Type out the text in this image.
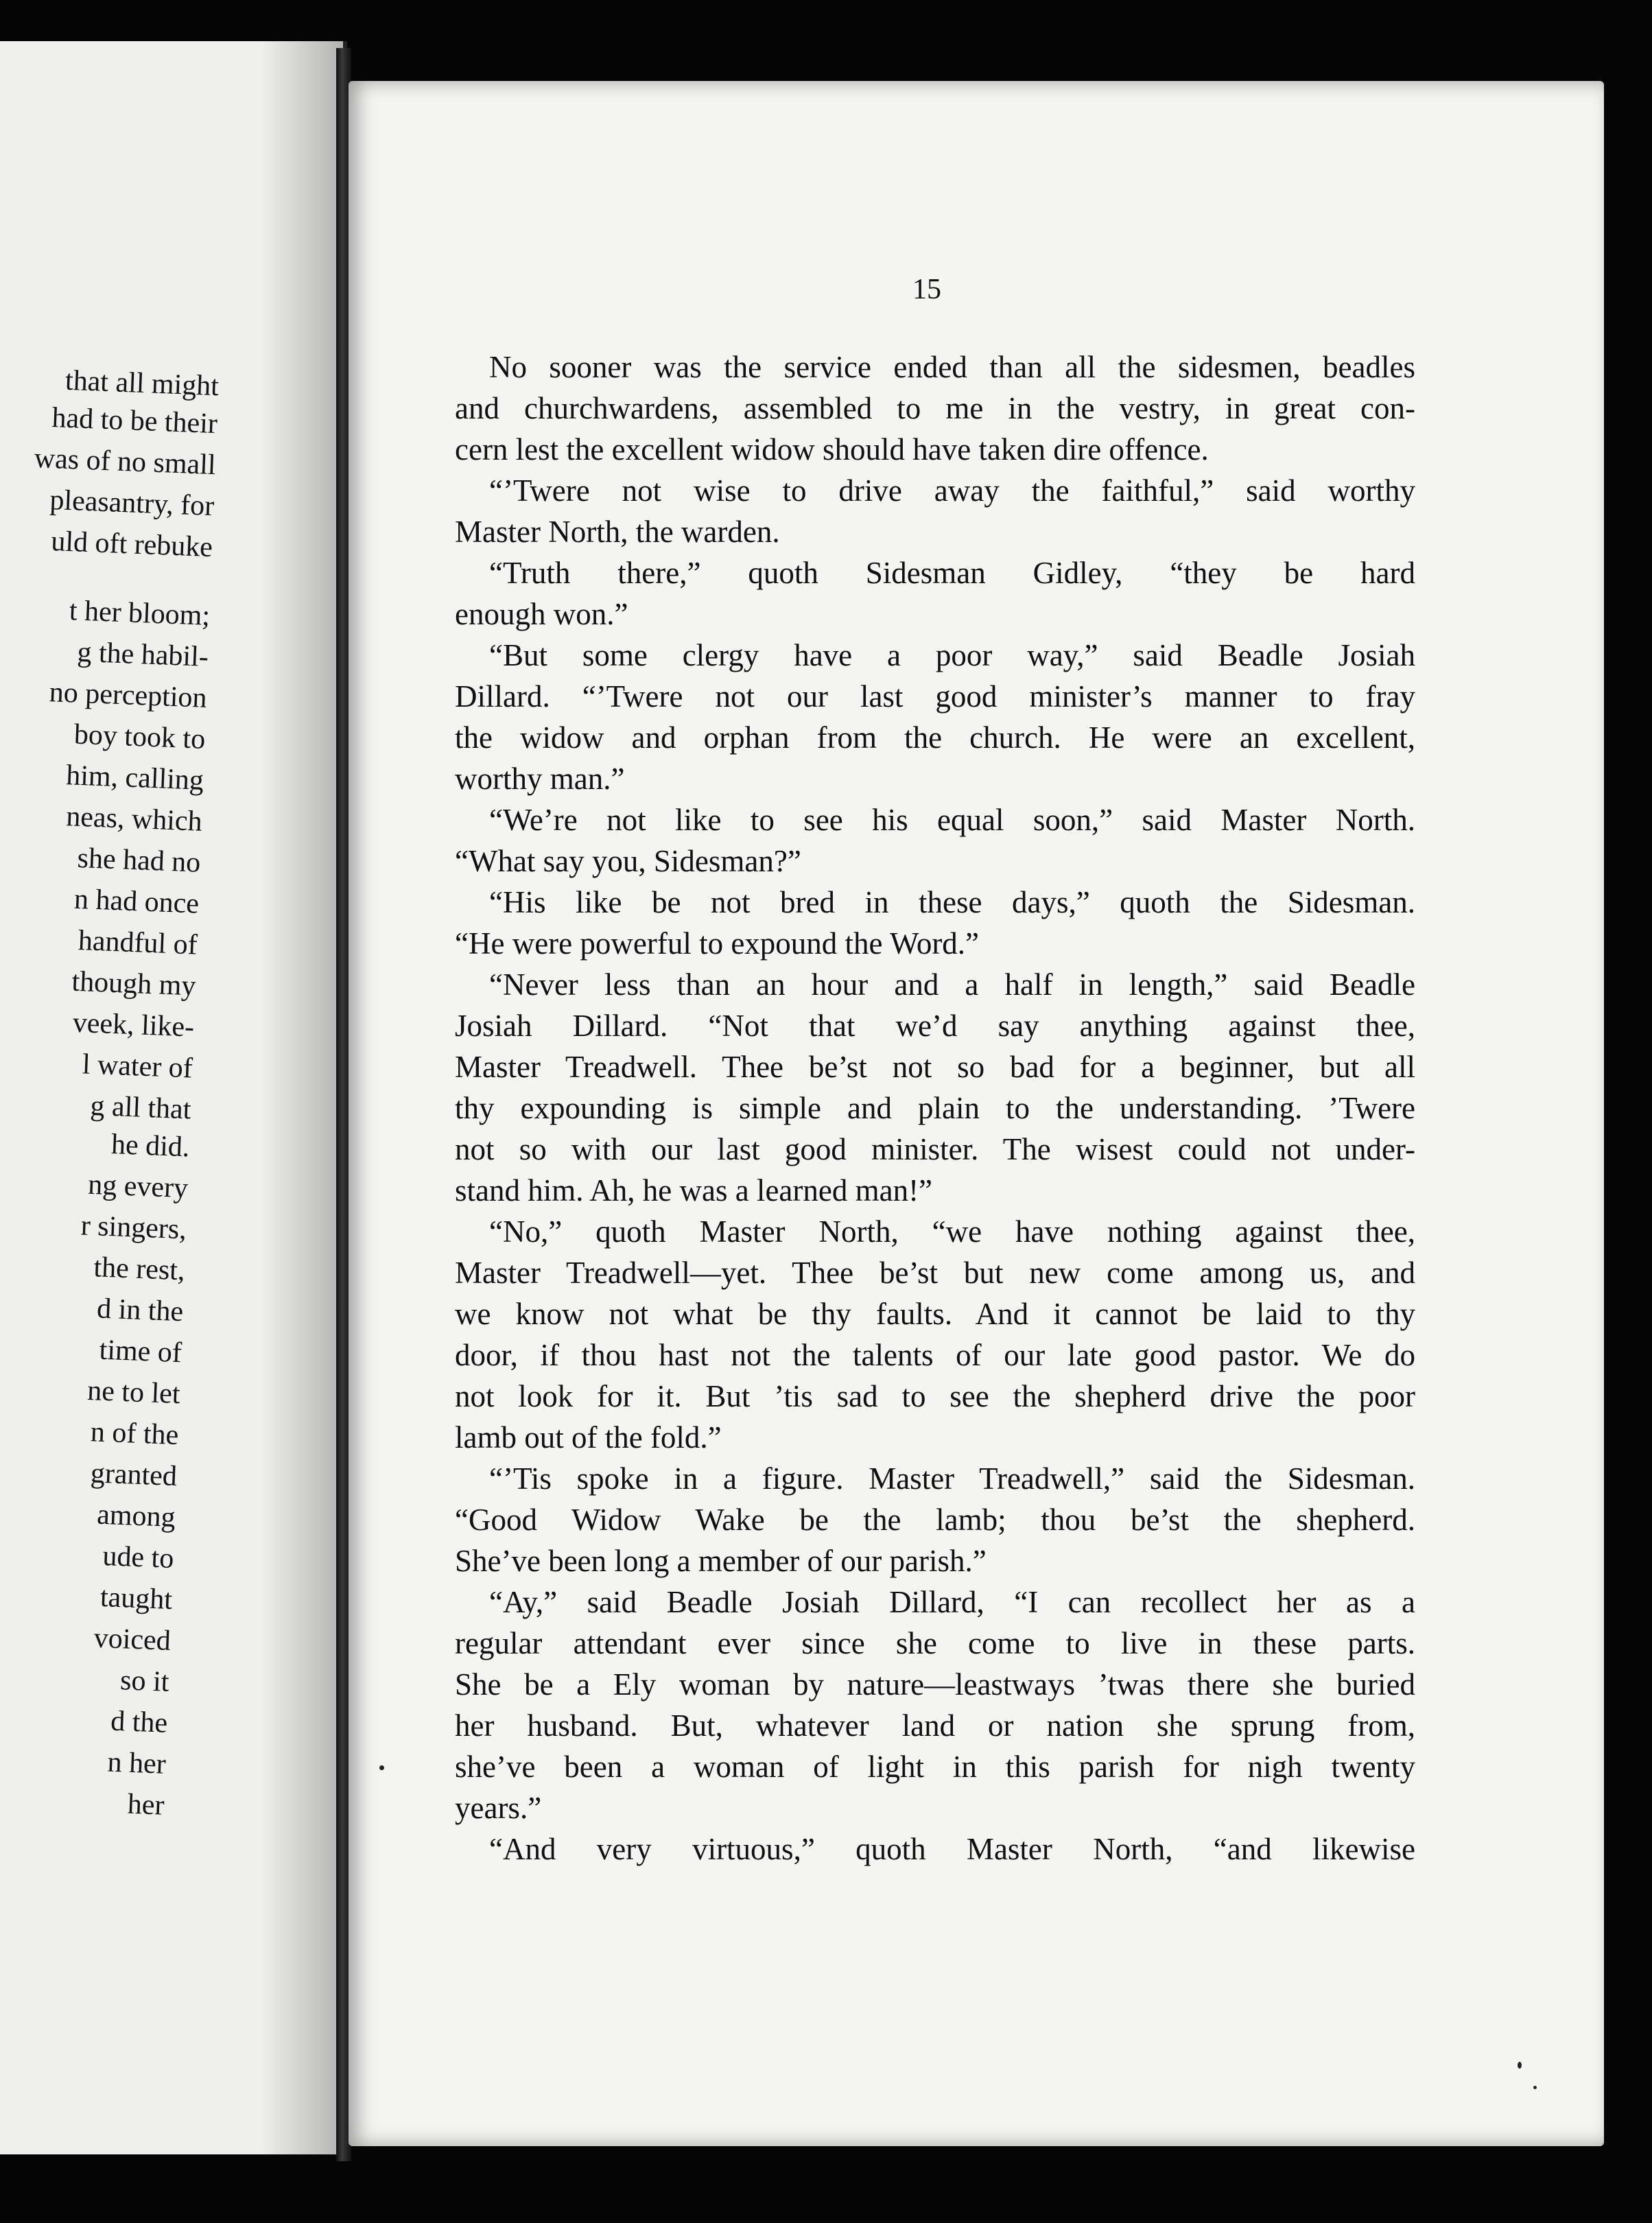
that all might
had to be their
was of no small
pleasantry, for
uld oft rebuke
t her bloom;
g the habil-
no perception
boy took to
him, calling
neas, which
she had no
n had once
handful of
though my
veek, like-
l water of
g all that
he did.
ng every
r singers,
the rest,
d in the
time of
ne to let
n of the
granted
among
ude to
taught
voiced
so it
d the
n her
her
15
No sooner was the service ended than all the sidesmen, beadles
and churchwardens, assembled to me in the vestry, in great con-
cern lest the excellent widow should have taken dire offence.
“’Twere not wise to drive away the faithful,” said worthy
Master North, the warden.
“Truth there,” quoth Sidesman Gidley, “they be hard
enough won.”
“But some clergy have a poor way,” said Beadle Josiah
Dillard. “’Twere not our last good minister’s manner to fray
the widow and orphan from the church. He were an excellent,
worthy man.”
“We’re not like to see his equal soon,” said Master North.
“What say you, Sidesman?”
“His like be not bred in these days,” quoth the Sidesman.
“He were powerful to expound the Word.”
“Never less than an hour and a half in length,” said Beadle
Josiah Dillard. “Not that we’d say anything against thee,
Master Treadwell. Thee be’st not so bad for a beginner, but all
thy expounding is simple and plain to the understanding. ’Twere
not so with our last good minister. The wisest could not under-
stand him. Ah, he was a learned man!”
“No,” quoth Master North, “we have nothing against thee,
Master Treadwell—yet. Thee be’st but new come among us, and
we know not what be thy faults. And it cannot be laid to thy
door, if thou hast not the talents of our late good pastor. We do
not look for it. But ’tis sad to see the shepherd drive the poor
lamb out of the fold.”
“’Tis spoke in a figure. Master Treadwell,” said the Sidesman.
“Good Widow Wake be the lamb; thou be’st the shepherd.
She’ve been long a member of our parish.”
“Ay,” said Beadle Josiah Dillard, “I can recollect her as a
regular attendant ever since she come to live in these parts.
She be a Ely woman by nature—leastways ’twas there she buried
her husband. But, whatever land or nation she sprung from,
she’ve been a woman of light in this parish for nigh twenty
years.”
“And very virtuous,” quoth Master North, “and likewise
